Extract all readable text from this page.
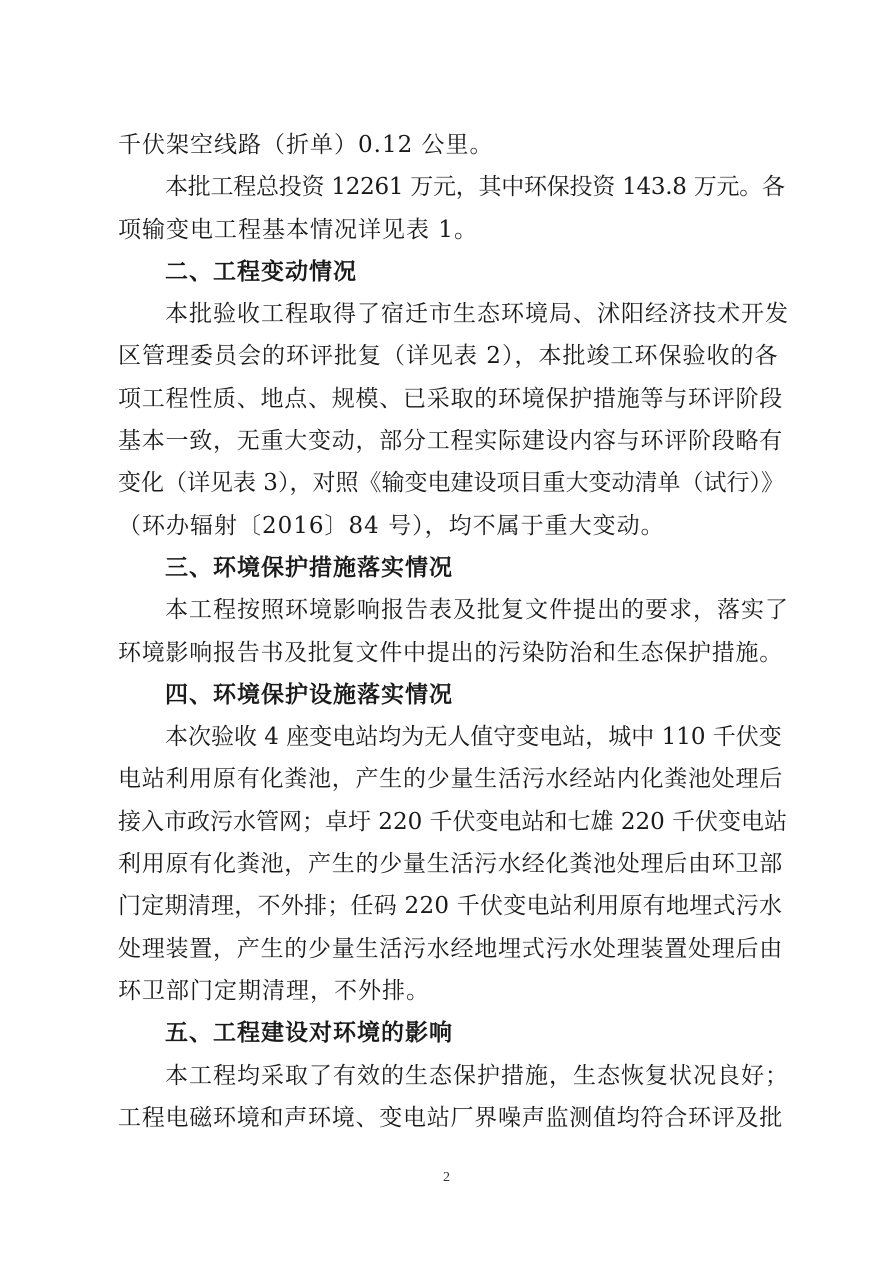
千伏架空线路（折单）0.12 公里。
本批工程总投资 12261 万元，其中环保投资 143.8 万元。各
项输变电工程基本情况详见表 1。
二、工程变动情况
本批验收工程取得了宿迁市生态环境局、沭阳经济技术开发
区管理委员会的环评批复（详见表 2），本批竣工环保验收的各
项工程性质、地点、规模、已采取的环境保护措施等与环评阶段
基本一致，无重大变动，部分工程实际建设内容与环评阶段略有
变化（详见表 3），对照《输变电建设项目重大变动清单（试行）》
（环办辐射〔2016〕84 号），均不属于重大变动。
三、环境保护措施落实情况
本工程按照环境影响报告表及批复文件提出的要求，落实了
环境影响报告书及批复文件中提出的污染防治和生态保护措施。
四、环境保护设施落实情况
本次验收 4 座变电站均为无人值守变电站，城中 110 千伏变
电站利用原有化粪池，产生的少量生活污水经站内化粪池处理后
接入市政污水管网；卓圩 220 千伏变电站和七雄 220 千伏变电站
利用原有化粪池，产生的少量生活污水经化粪池处理后由环卫部
门定期清理，不外排；任码 220 千伏变电站利用原有地埋式污水
处理装置，产生的少量生活污水经地埋式污水处理装置处理后由
环卫部门定期清理，不外排。
五、工程建设对环境的影响
本工程均采取了有效的生态保护措施，生态恢复状况良好；
工程电磁环境和声环境、变电站厂界噪声监测值均符合环评及批
2
